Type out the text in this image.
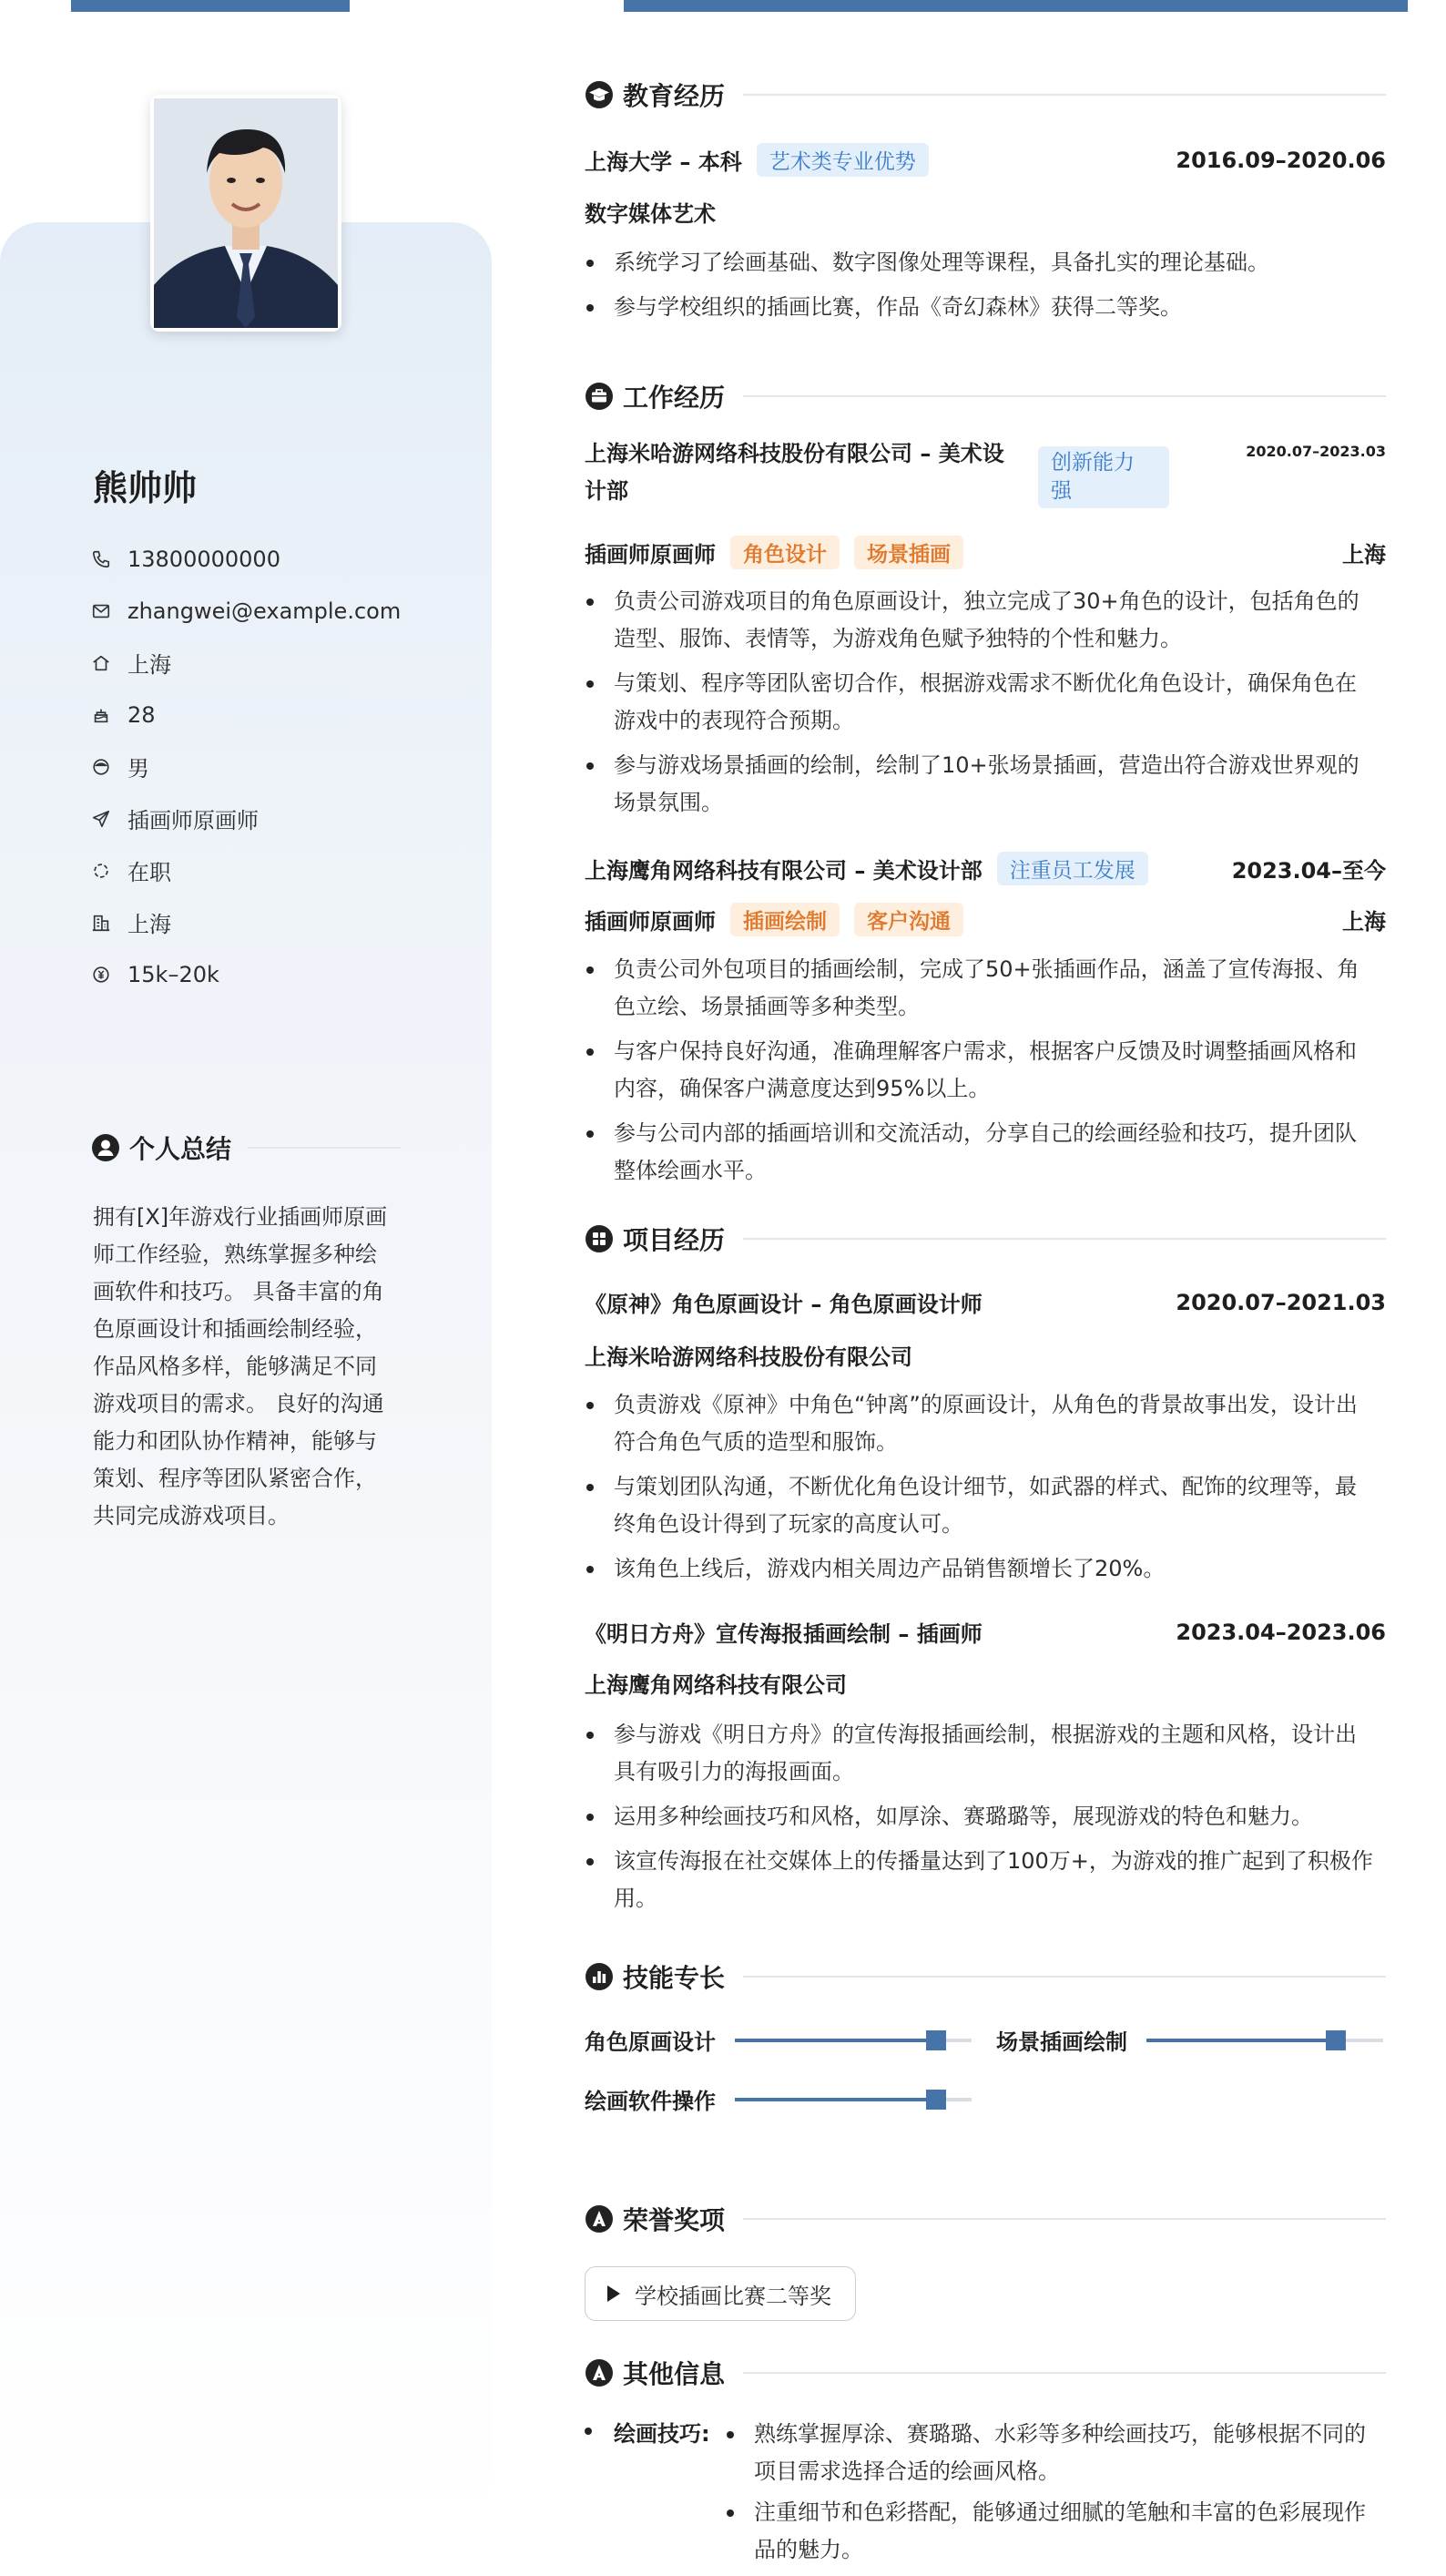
熊帅帅
13800000000
zhangwei@example.com
上海
28
男
插画师原画师
在职
上海
15k–20k
个人总结
拥有[X]年游戏行业插画师原画
师工作经验，熟练掌握多种绘
画软件和技巧。 具备丰富的角
色原画设计和插画绘制经验，
作品风格多样，能够满足不同
游戏项目的需求。 良好的沟通
能力和团队协作精神，能够与
策划、程序等团队紧密合作，
共同完成游戏项目。
教育经历
上海大学 – 本科	艺术类专业优势	2016.09–2020.06
数字媒体艺术
系统学习了绘画基础、数字图像处理等课程，具备扎实的理论基础。
参与学校组织的插画比赛，作品《奇幻森林》获得二等奖。
工作经历
上海米哈游网络科技股份有限公司 – 美术设
计部
创新能力
强
2020.07–2023.03
插画师原画师	角色设计	场景插画	上海
负责公司游戏项目的角色原画设计，独立完成了30+角色的设计，包括角色的
造型、服饰、表情等，为游戏角色赋予独特的个性和魅力。
与策划、程序等团队密切合作，根据游戏需求不断优化角色设计，确保角色在
游戏中的表现符合预期。
参与游戏场景插画的绘制，绘制了10+张场景插画，营造出符合游戏世界观的
场景氛围。
上海鹰角网络科技有限公司 – 美术设计部	注重员工发展	2023.04–至今
插画师原画师	插画绘制	客户沟通	上海
负责公司外包项目的插画绘制，完成了50+张插画作品，涵盖了宣传海报、角
色立绘、场景插画等多种类型。
与客户保持良好沟通，准确理解客户需求，根据客户反馈及时调整插画风格和
内容，确保客户满意度达到95%以上。
参与公司内部的插画培训和交流活动，分享自己的绘画经验和技巧，提升团队
整体绘画水平。
项目经历
《原神》角色原画设计 – 角色原画设计师	2020.07–2021.03
上海米哈游网络科技股份有限公司
负责游戏《原神》中角色“钟离”的原画设计，从角色的背景故事出发，设计出
符合角色气质的造型和服饰。
与策划团队沟通，不断优化角色设计细节，如武器的样式、配饰的纹理等，最
终角色设计得到了玩家的高度认可。
该角色上线后，游戏内相关周边产品销售额增长了20%。
《明日方舟》宣传海报插画绘制 – 插画师	2023.04–2023.06
上海鹰角网络科技有限公司
参与游戏《明日方舟》的宣传海报插画绘制，根据游戏的主题和风格，设计出
具有吸引力的海报画面。
运用多种绘画技巧和风格，如厚涂、赛璐璐等，展现游戏的特色和魅力。
该宣传海报在社交媒体上的传播量达到了100万+，为游戏的推广起到了积极作
用。
技能专长
角色原画设计	场景插画绘制
绘画软件操作
荣誉奖项
学校插画比赛二等奖
其他信息
绘画技巧:	熟练掌握厚涂、赛璐璐、水彩等多种绘画技巧，能够根据不同的
项目需求选择合适的绘画风格。
注重细节和色彩搭配，能够通过细腻的笔触和丰富的色彩展现作
品的魅力。
